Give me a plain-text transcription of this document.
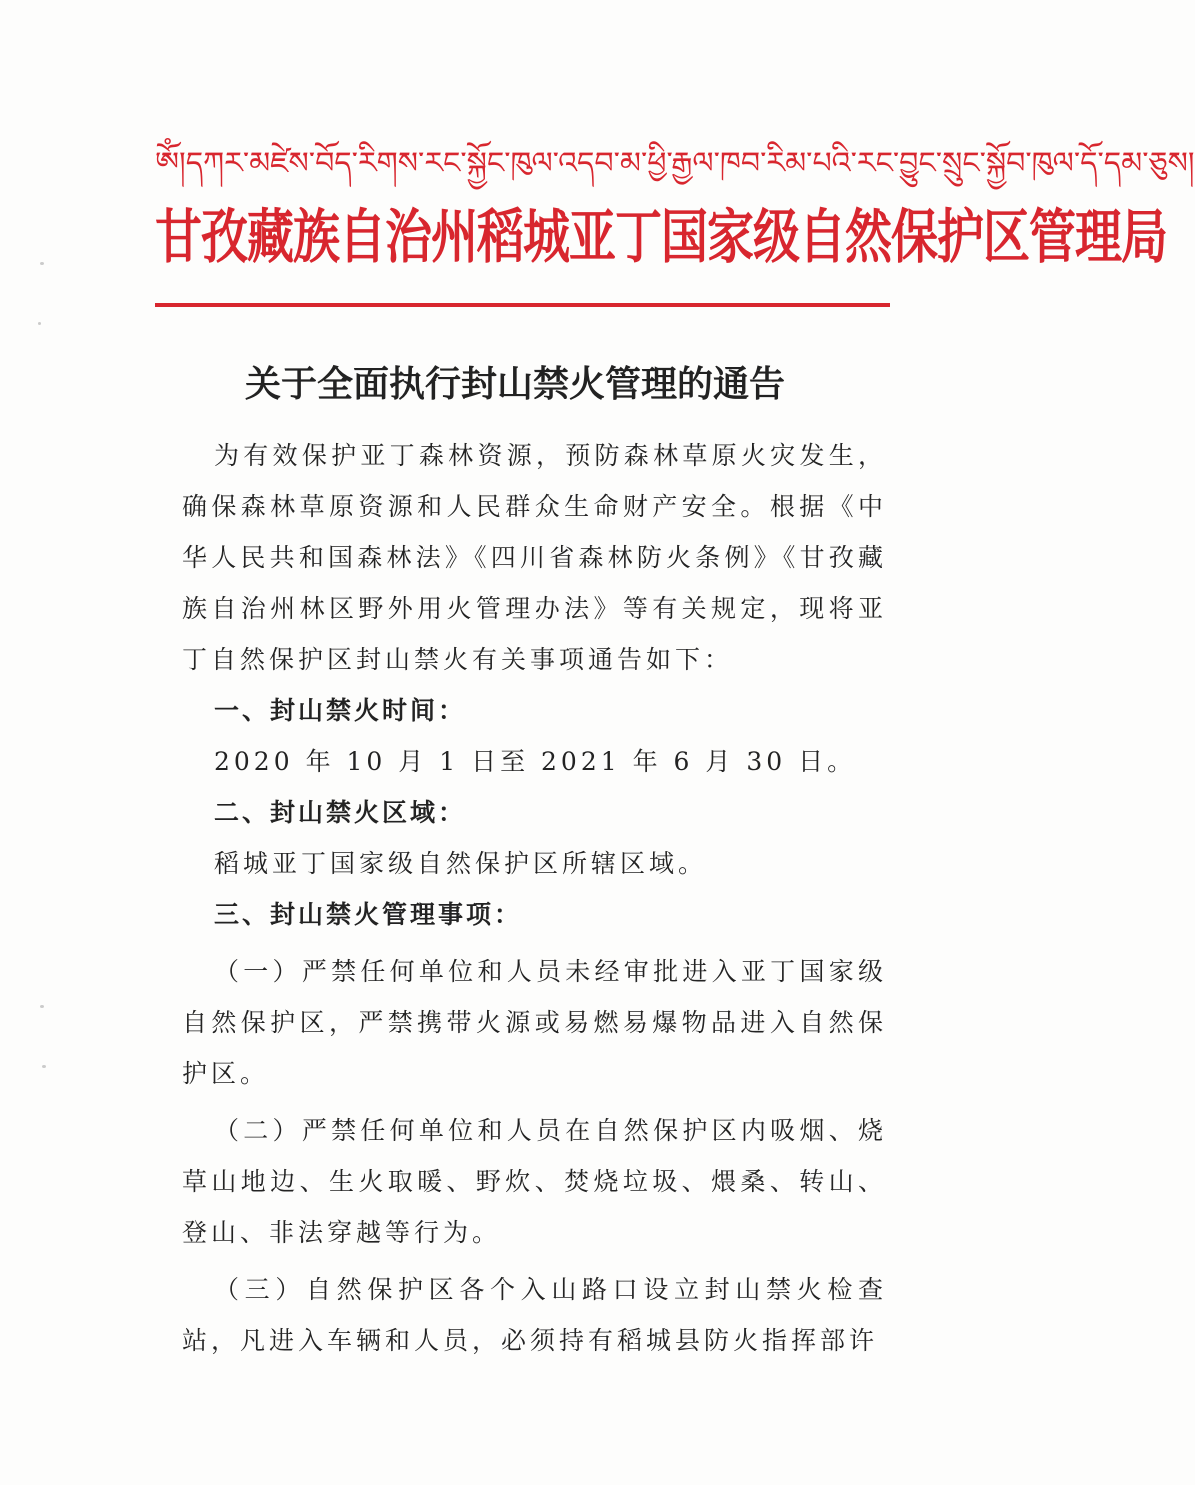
ༀ།དཀར་མཛེས་བོད་རིགས་རང་སྐྱོང་ཁུལ་འདབ་མ་ཕྱི་རྒྱལ་ཁབ་རིམ་པའི་རང་བྱུང་སྲུང་སྐྱོབ་ཁུལ་དོ་དམ་ཅུས།
甘孜藏族自治州稻城亚丁国家级自然保护区管理局
关于全面执行封山禁火管理的通告

为有效保护亚丁森林资源，预防森林草原火灾发生，确保森林草原资源和人民群众生命财产安全。根据《中华人民共和国森林法》《四川省森林防火条例》《甘孜藏族自治州林区野外用火管理办法》等有关规定，现将亚丁自然保护区封山禁火有关事项通告如下：

一、封山禁火时间：

2020 年 10 月 1 日至 2021 年 6 月 30 日。

二、封山禁火区域：

稻城亚丁国家级自然保护区所辖区域。

三、封山禁火管理事项：

（一）严禁任何单位和人员未经审批进入亚丁国家级自然保护区，严禁携带火源或易燃易爆物品进入自然保护区。

（二）严禁任何单位和人员在自然保护区内吸烟、烧草山地边、生火取暖、野炊、焚烧垃圾、煨桑、转山、登山、非法穿越等行为。

（三）自然保护区各个入山路口设立封山禁火检查站，凡进入车辆和人员，必须持有稻城县防火指挥部许
